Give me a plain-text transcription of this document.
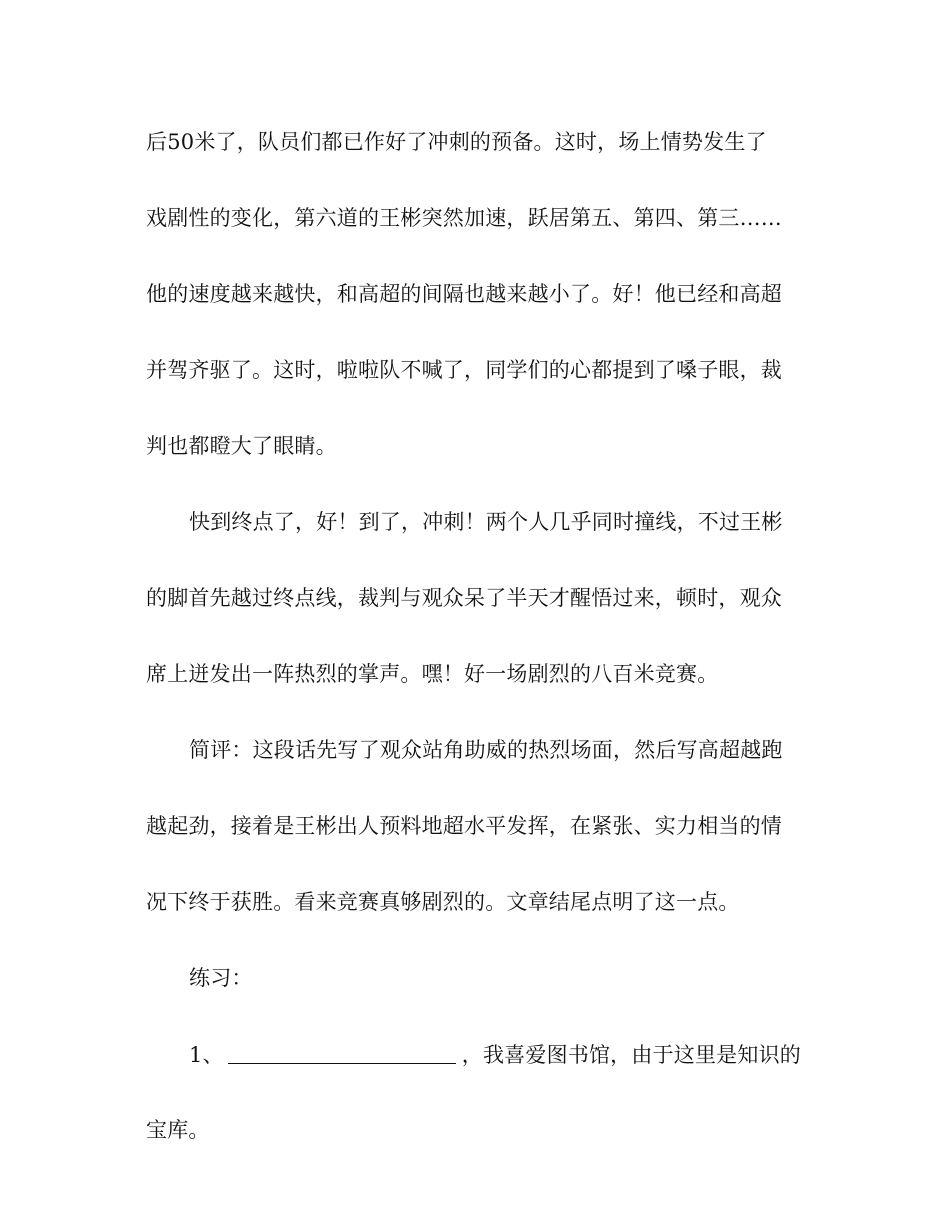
后50米了，队员们都已作好了冲刺的预备。这时，场上情势发生了
戏剧性的变化，第六道的王彬突然加速，跃居第五、第四、第三……
他的速度越来越快，和高超的间隔也越来越小了。好！他已经和高超
并驾齐驱了。这时，啦啦队不喊了，同学们的心都提到了嗓子眼，裁
判也都瞪大了眼睛。
快到终点了，好！到了，冲刺！两个人几乎同时撞线，不过王彬
的脚首先越过终点线，裁判与观众呆了半天才醒悟过来，顿时，观众
席上迸发出一阵热烈的掌声。嘿！好一场剧烈的八百米竞赛。
简评：这段话先写了观众站角助威的热烈场面，然后写高超越跑
越起劲，接着是王彬出人预料地超水平发挥，在紧张、实力相当的情
况下终于获胜。看来竞赛真够剧烈的。文章结尾点明了这一点。
练习：
1、	，我喜爱图书馆，由于这里是知识的
宝库。
